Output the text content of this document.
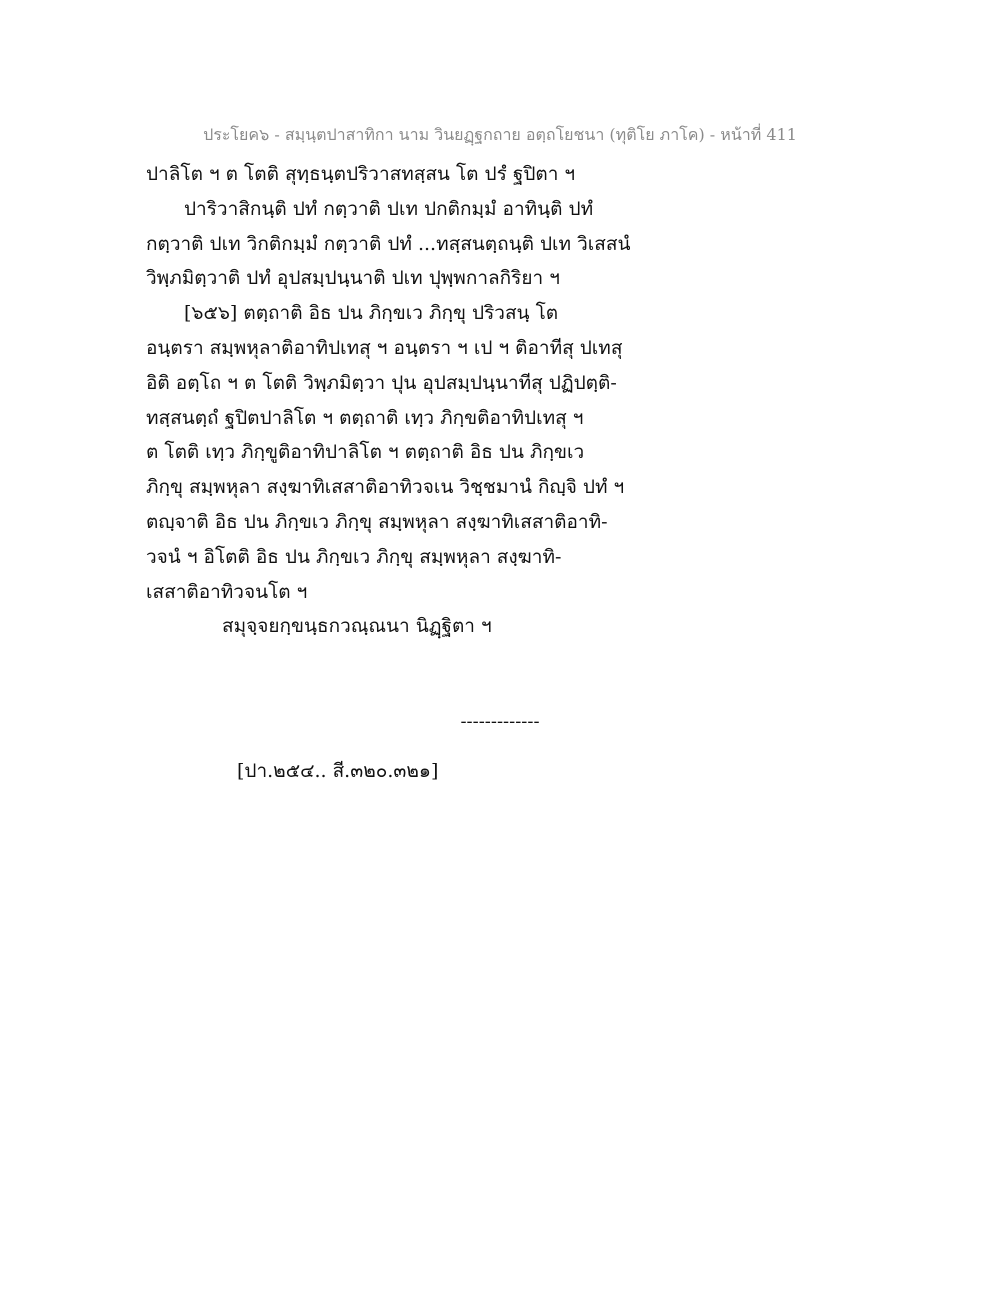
ประโยค๖ - สมฺนฺตปาสาทิกา นาม วินยฏฺฐกถาย อตฺถโยชนา (ทุติโย ภาโค) - หน้าที่ 411
ปาลิโต ฯ ต โตติ สุทฺธนฺตปริวาสทสฺสน โต ปรํ ฐปิตา ฯ
ปาริวาสิกนฺติ ปทํ กตฺวาติ ปเท ปกติกมฺมํ อาทินฺติ ปทํ
กตฺวาติ ปเท วิกติกมฺมํ กตฺวาติ ปทํ ...ทสฺสนตฺถนฺติ ปเท วิเสสนํ
วิพฺภมิตฺวาติ ปทํ อุปสมฺปนฺนาติ ปเท ปุพฺพกาลกิริยา ฯ
[๖๕๖] ตตฺถาติ อิธ ปน ภิกฺขเว ภิกฺขุ ปริวสนฺ โต
อนฺตรา สมฺพหุลาติอาทิปเทสุ ฯ อนฺตรา ฯ เป ฯ ติอาทีสุ ปเทสุ
อิติ อตฺโถ ฯ ต โตติ วิพฺภมิตฺวา ปุน อุปสมฺปนฺนาทีสุ ปฏิปตฺติ-
ทสฺสนตฺถํ ฐปิตปาลิโต ฯ ตตฺถาติ เทฺว ภิกฺขติอาทิปเทสุ ฯ
ต โตติ เทฺว ภิกฺขูติอาทิปาลิโต ฯ ตตฺถาติ อิธ ปน ภิกฺขเว
ภิกฺขุ สมฺพหุลา สงฺฆาทิเสสาติอาทิวจเน วิชฺชมานํ กิญฺจิ ปทํ ฯ
ตญฺจาติ อิธ ปน ภิกฺขเว ภิกฺขุ สมฺพหุลา สงฺฆาทิเสสาติอาทิ-
วจนํ ฯ อิโตติ อิธ ปน ภิกฺขเว ภิกฺขุ สมฺพหุลา สงฺฆาทิ-
เสสาติอาทิวจนโต ฯ
สมุจฺจยกฺขนฺธกวณฺณนา นิฏฺฐิตา ฯ
-------------
[ปา.๒๕๔.. สี.๓๒๐.๓๒๑]
